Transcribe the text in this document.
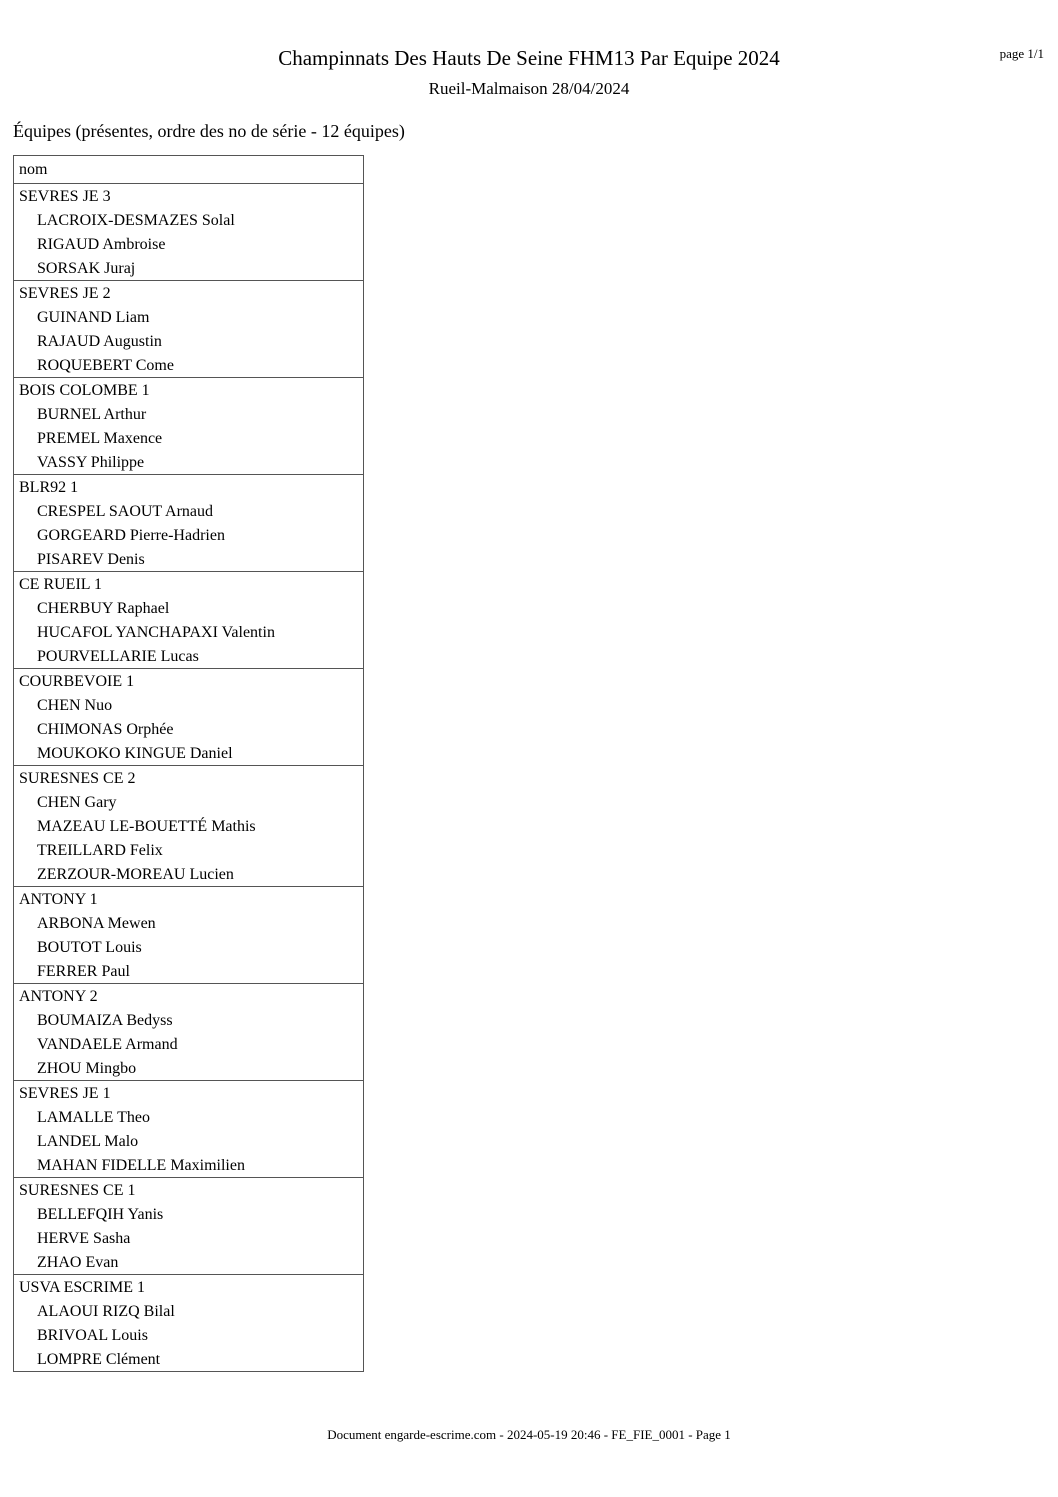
Champinnats Des Hauts De Seine FHM13 Par Equipe 2024
Rueil-Malmaison 28/04/2024
page 1/1
Équipes (présentes, ordre des no de série - 12 équipes)
nom
SEVRES JE 3
LACROIX-DESMAZES Solal
RIGAUD Ambroise
SORSAK Juraj
SEVRES JE 2
GUINAND Liam
RAJAUD Augustin
ROQUEBERT Come
BOIS COLOMBE 1
BURNEL Arthur
PREMEL Maxence
VASSY Philippe
BLR92 1
CRESPEL SAOUT Arnaud
GORGEARD Pierre-Hadrien
PISAREV Denis
CE RUEIL 1
CHERBUY Raphael
HUCAFOL YANCHAPAXI Valentin
POURVELLARIE Lucas
COURBEVOIE 1
CHEN Nuo
CHIMONAS Orphée
MOUKOKO KINGUE Daniel
SURESNES CE 2
CHEN Gary
MAZEAU LE-BOUETTÉ Mathis
TREILLARD Felix
ZERZOUR-MOREAU Lucien
ANTONY 1
ARBONA Mewen
BOUTOT Louis
FERRER Paul
ANTONY 2
BOUMAIZA Bedyss
VANDAELE Armand
ZHOU Mingbo
SEVRES JE 1
LAMALLE Theo
LANDEL Malo
MAHAN FIDELLE Maximilien
SURESNES CE 1
BELLEFQIH Yanis
HERVE Sasha
ZHAO Evan
USVA ESCRIME 1
ALAOUI RIZQ Bilal
BRIVOAL Louis
LOMPRE Clément
Document engarde-escrime.com - 2024-05-19 20:46 - FE_FIE_0001 - Page 1
